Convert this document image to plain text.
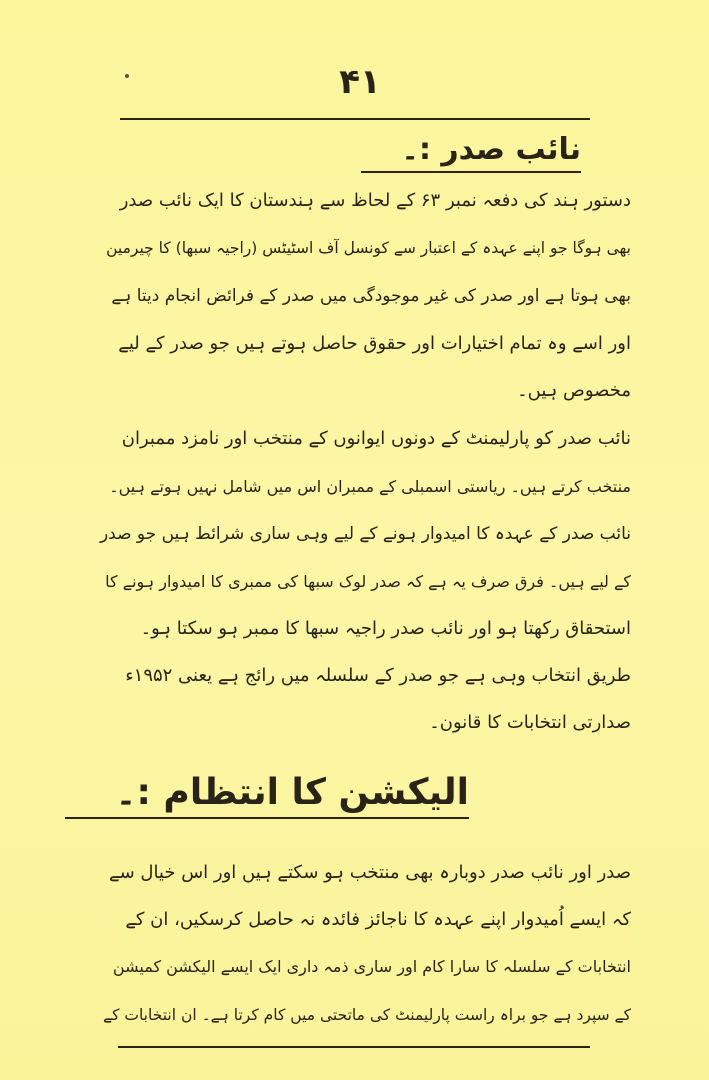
۴۱
نائب صدر :۔
دستور ہند کی دفعہ نمبر ۶۳ کے لحاظ سے ہندستان کا ایک نائب صدر
بھی ہوگا جو اپنے عہدہ کے اعتبار سے کونسل آف اسٹیٹس (راجیہ سبھا) کا چیرمین
بھی ہوتا ہے اور صدر کی غیر موجودگی میں صدر کے فرائض انجام دیتا ہے
اور اسے وہ تمام اختیارات اور حقوق حاصل ہوتے ہیں جو صدر کے لیے
مخصوص ہیں۔
نائب صدر کو پارلیمنٹ کے دونوں ایوانوں کے منتخب اور نامزد ممبران
منتخب کرتے ہیں۔ ریاستی اسمبلی کے ممبران اس میں شامل نہیں ہوتے ہیں۔
نائب صدر کے عہدہ کا امیدوار ہونے کے لیے وہی ساری شرائط ہیں جو صدر
کے لیے ہیں۔ فرق صرف یہ ہے کہ صدر لوک سبھا کی ممبری کا امیدوار ہونے کا
استحقاق رکھتا ہو اور نائب صدر راجیہ سبھا کا ممبر ہو سکتا ہو۔
طریق انتخاب وہی ہے جو صدر کے سلسلہ میں رائج ہے یعنی ۱۹۵۲ء
صدارتی انتخابات کا قانون۔
الیکشن کا انتظام :۔
صدر اور نائب صدر دوبارہ بھی منتخب ہو سکتے ہیں اور اس خیال سے
کہ ایسے اُمیدوار اپنے عہدہ کا ناجائز فائدہ نہ حاصل کرسکیں، ان کے
انتخابات کے سلسلہ کا سارا کام اور ساری ذمہ داری ایک ایسے الیکشن کمیشن
کے سپرد ہے جو براہ راست پارلیمنٹ کی ماتحتی میں کام کرتا ہے۔ ان انتخابات کے
